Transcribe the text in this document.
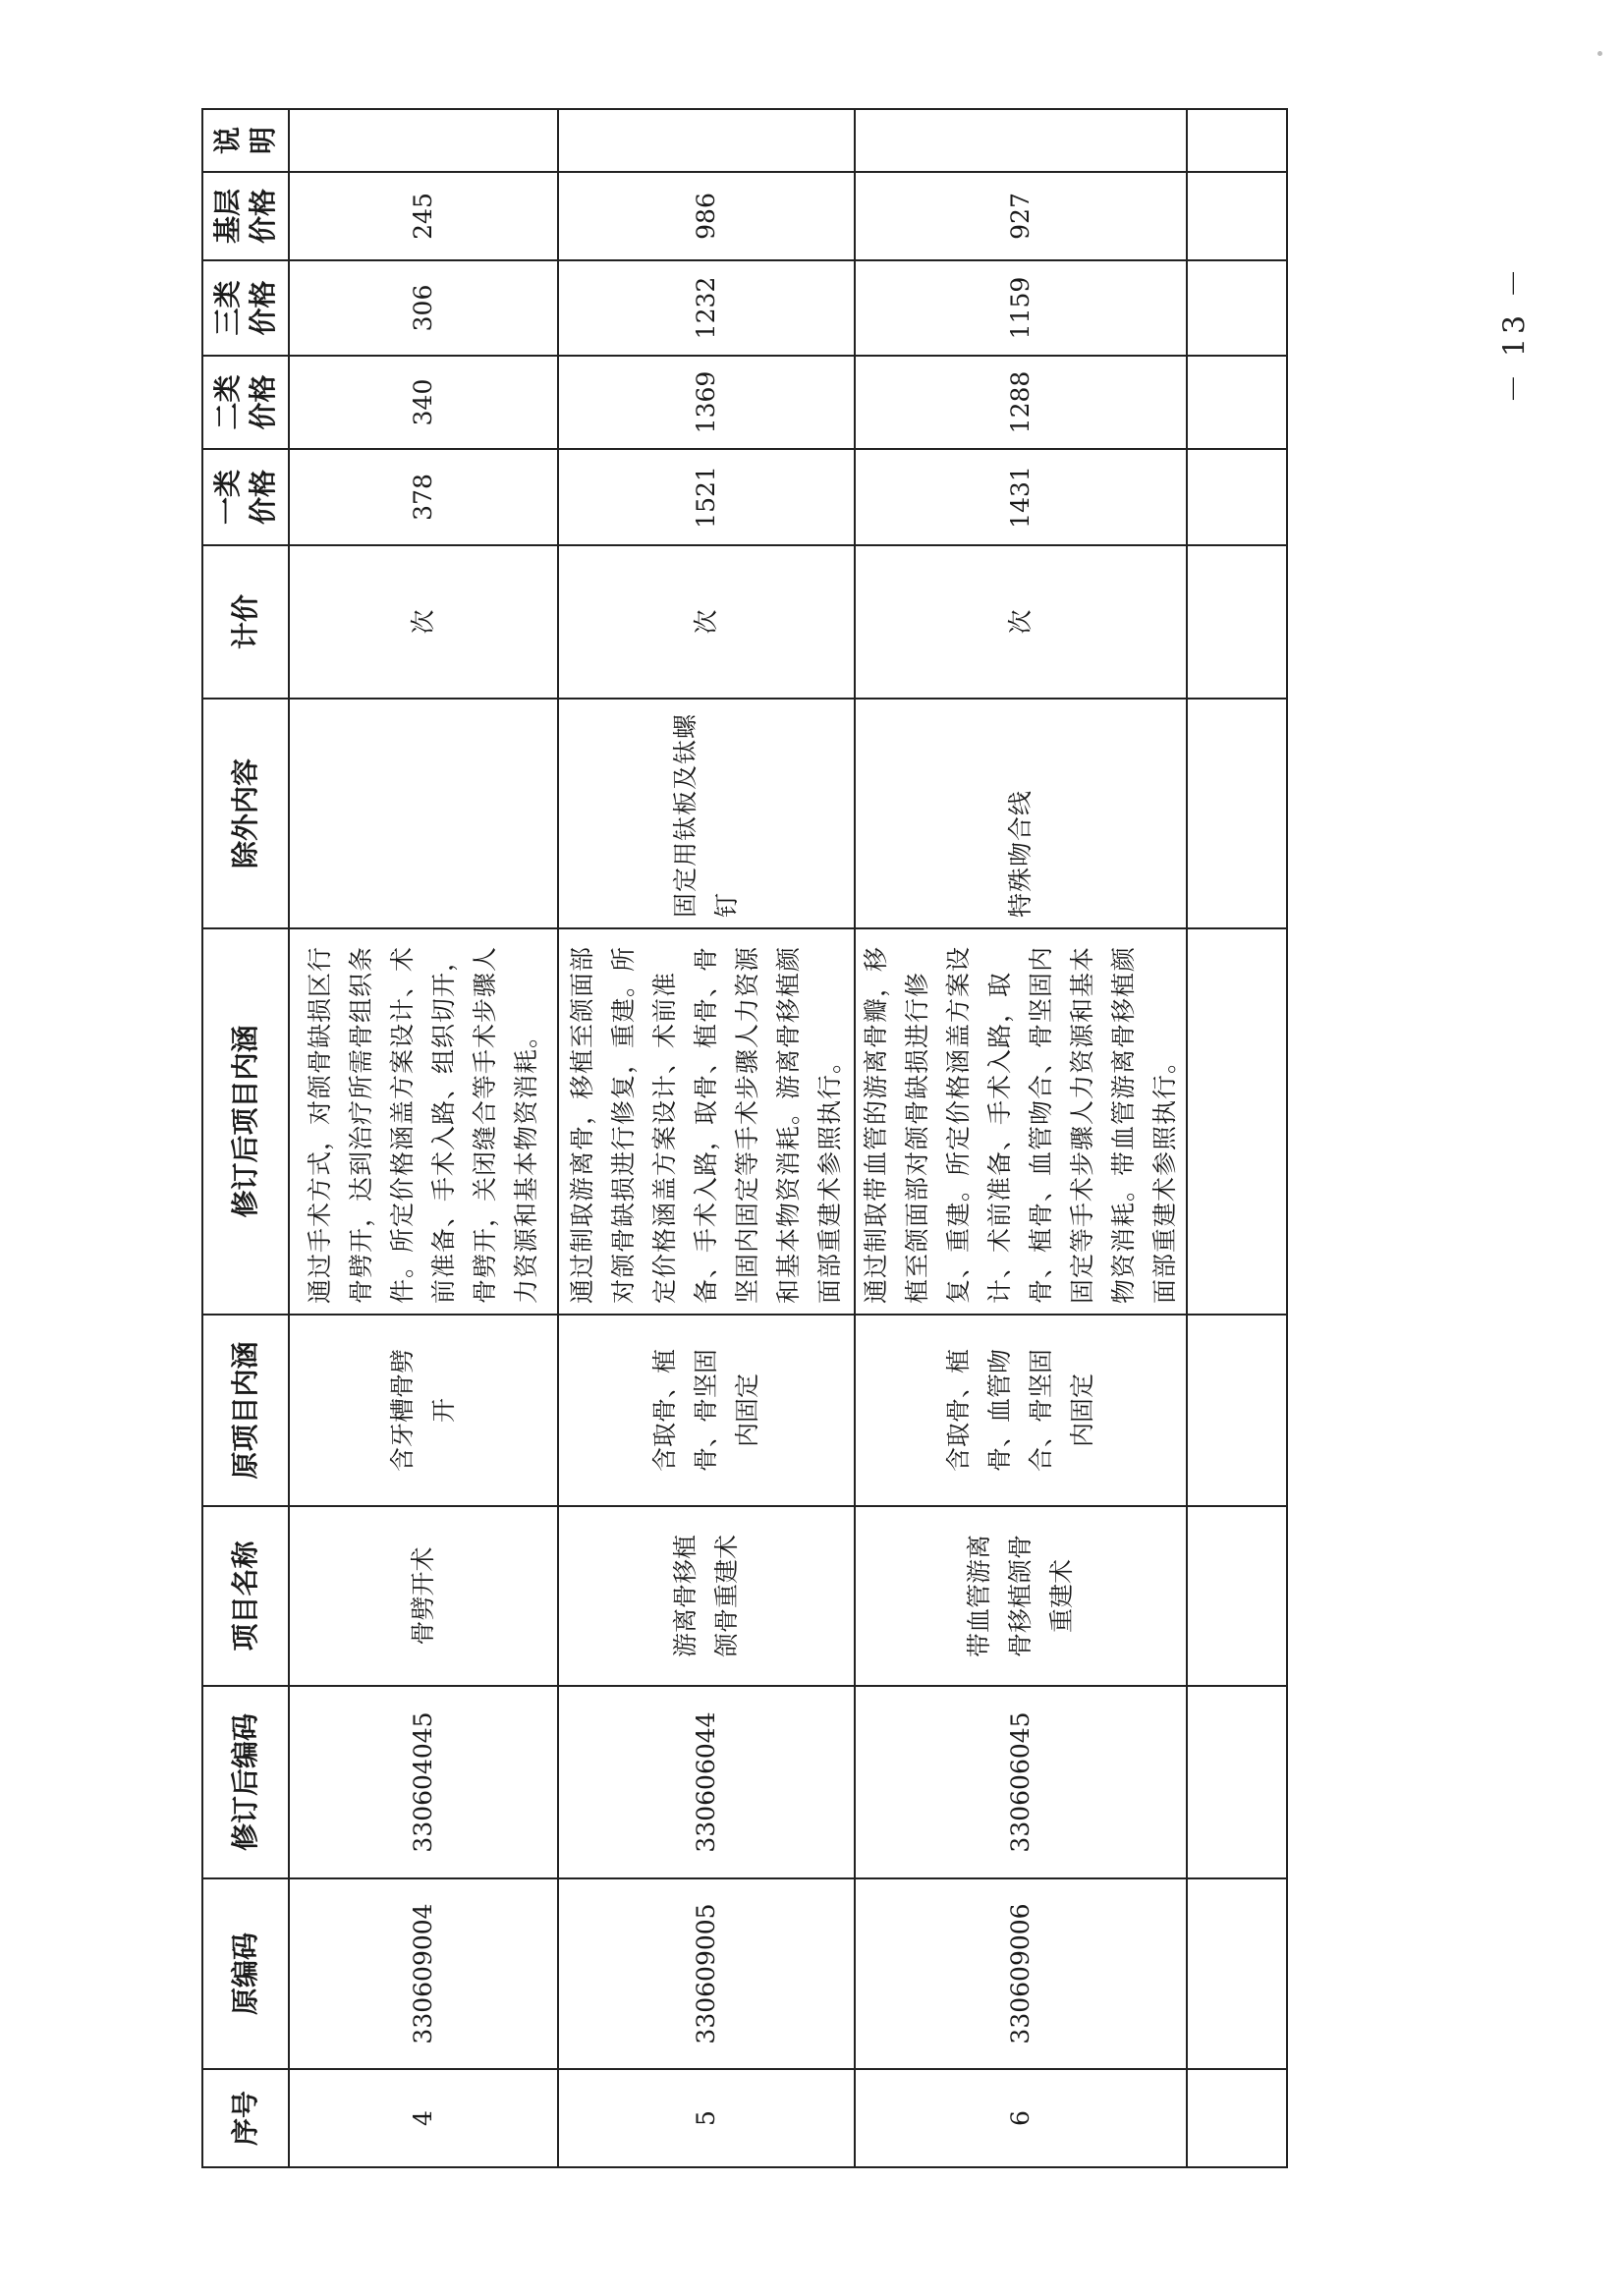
序号	原编码	修订后编码	项目名称	原项目内涵	修订后项目内涵	除外内容	计价	一类价格	二类价格	三类价格	基层价格	说明
4	330609004	330604045	骨劈开术	含牙槽骨劈开	通过手术方式，对颌骨缺损区行骨劈开，达到治疗所需骨组织条件。所定价格涵盖方案设计、术前准备、手术入路、组织切开，骨劈开，关闭缝合等手术步骤人力资源和基本物资消耗。		次	378	340	306	245	
5	330609005	330606044	游离骨移植颌骨重建术	含取骨、植骨、骨坚固内固定	通过制取游离骨，移植至颌面部对颌骨缺损进行修复，重建。所定价格涵盖方案设计、术前准备、手术入路，取骨、植骨、骨坚固内固定等手术步骤人力资源和基本物资消耗。游离骨移植颜面部重建术参照执行。	固定用钛板及钛螺钉	次	1521	1369	1232	986	
6	330609006	330606045	带血管游离骨移植颌骨重建术	含取骨、植骨、血管吻合、骨坚固内固定	通过制取带血管的游离骨瓣，移植至颌面部对颌骨缺损进行修复、重建。所定价格涵盖方案设计、术前准备、手术入路，取骨、植骨、血管吻合、骨坚固内固定等手术步骤人力资源和基本物资消耗。带血管游离骨移植颜面部重建术参照执行。	特殊吻合线	次	1431	1288	1159	927	

－ 13 －
